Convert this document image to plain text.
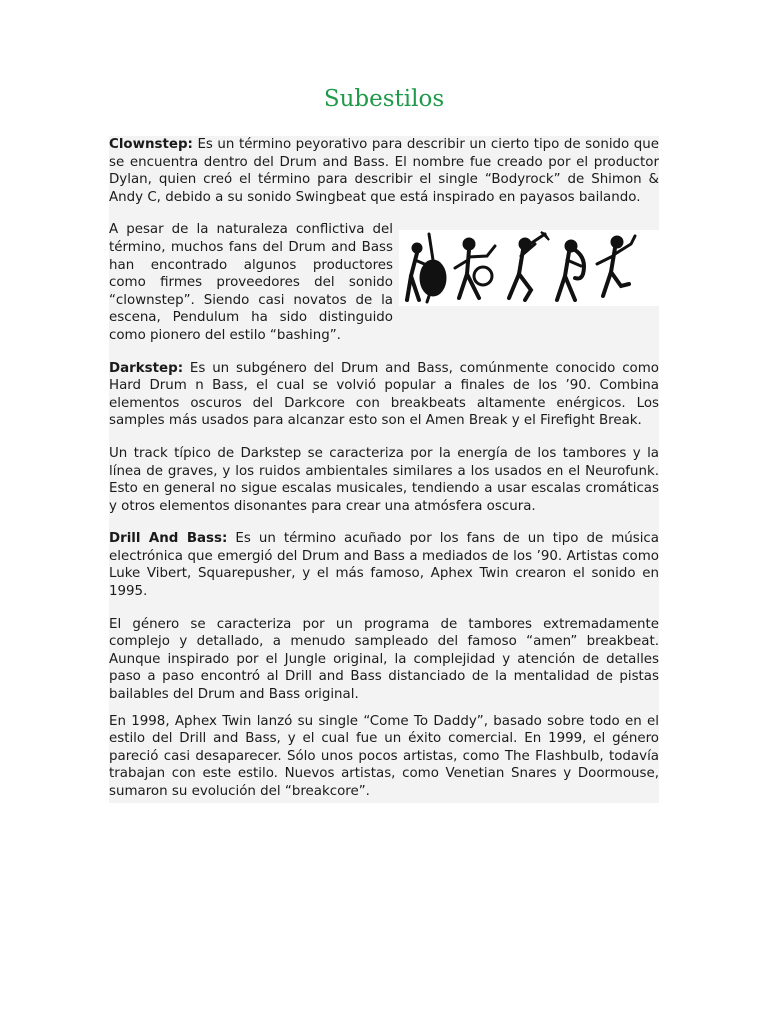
Subestilos

Clownstep: Es un término peyorativo para describir un cierto tipo de sonido que se encuentra dentro del Drum and Bass. El nombre fue creado por el productor Dylan, quien creó el término para describir el single “Bodyrock” de Shimon & Andy C, debido a su sonido Swingbeat que está inspirado en payasos bailando.

A pesar de la naturaleza conflictiva del término, muchos fans del Drum and Bass han encontrado algunos productores como firmes proveedores del sonido “clownstep”. Siendo casi novatos de la escena, Pendulum ha sido distinguido como pionero del estilo “bashing”.

Darkstep: Es un subgénero del Drum and Bass, comúnmente conocido como Hard Drum n Bass, el cual se volvió popular a finales de los ’90. Combina elementos oscuros del Darkcore con breakbeats altamente enérgicos. Los samples más usados para alcanzar esto son el Amen Break y el Firefight Break.

Un track típico de Darkstep se caracteriza por la energía de los tambores y la línea de graves, y los ruidos ambientales similares a los usados en el Neurofunk. Esto en general no sigue escalas musicales, tendiendo a usar escalas cromáticas y otros elementos disonantes para crear una atmósfera oscura.

Drill And Bass: Es un término acuñado por los fans de un tipo de música electrónica que emergió del Drum and Bass a mediados de los ’90. Artistas como Luke Vibert, Squarepusher, y el más famoso, Aphex Twin crearon el sonido en 1995.

El género se caracteriza por un programa de tambores extremadamente complejo y detallado, a menudo sampleado del famoso “amen” breakbeat. Aunque inspirado por el Jungle original, la complejidad y atención de detalles paso a paso encontró al Drill and Bass distanciado de la mentalidad de pistas bailables del Drum and Bass original.

En 1998, Aphex Twin lanzó su single “Come To Daddy”, basado sobre todo en el estilo del Drill and Bass, y el cual fue un éxito comercial. En 1999, el género pareció casi desaparecer. Sólo unos pocos artistas, como The Flashbulb, todavía trabajan con este estilo. Nuevos artistas, como Venetian Snares y Doormouse, sumaron su evolución del “breakcore”.
